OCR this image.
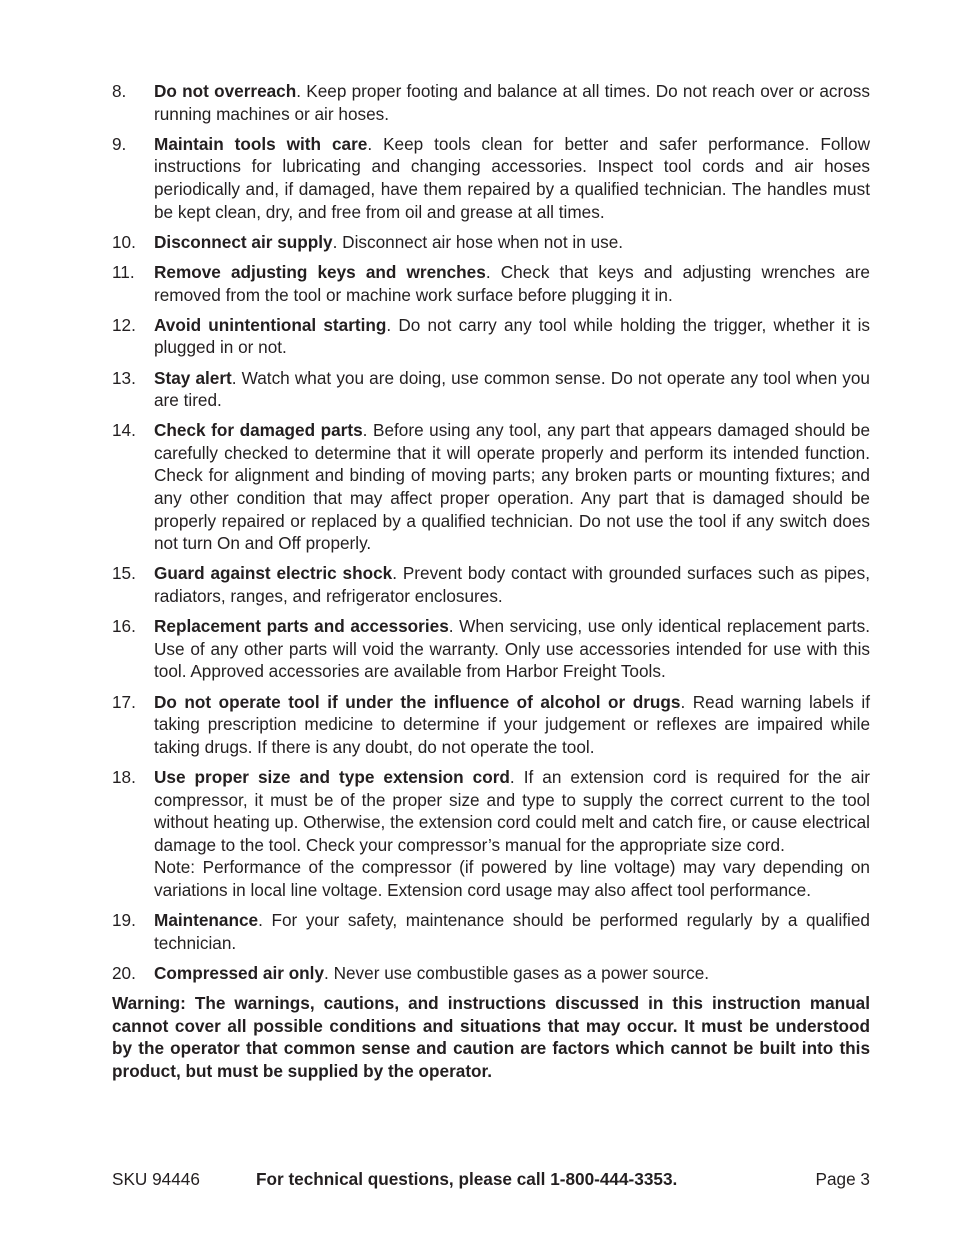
8.	Do not overreach. Keep proper footing and balance at all times. Do not reach over or across running machines or air hoses.
9.	Maintain tools with care. Keep tools clean for better and safer performance. Follow instructions for lubricating and changing accessories. Inspect tool cords and air hoses periodically and, if damaged, have them repaired by a qualified technician. The handles must be kept clean, dry, and free from oil and grease at all times.
10.	Disconnect air supply. Disconnect air hose when not in use.
11.	Remove adjusting keys and wrenches. Check that keys and adjusting wrenches are removed from the tool or machine work surface before plugging it in.
12.	Avoid unintentional starting. Do not carry any tool while holding the trigger, whether it is plugged in or not.
13.	Stay alert. Watch what you are doing, use common sense. Do not operate any tool when you are tired.
14.	Check for damaged parts. Before using any tool, any part that appears damaged should be carefully checked to determine that it will operate properly and perform its intended function. Check for alignment and binding of moving parts; any broken parts or mounting fixtures; and any other condition that may affect proper operation. Any part that is damaged should be properly repaired or replaced by a qualified technician. Do not use the tool if any switch does not turn On and Off properly.
15.	Guard against electric shock. Prevent body contact with grounded surfaces such as pipes, radiators, ranges, and refrigerator enclosures.
16.	Replacement parts and accessories. When servicing, use only identical replacement parts. Use of any other parts will void the warranty. Only use accessories intended for use with this tool. Approved accessories are available from Harbor Freight Tools.
17.	Do not operate tool if under the influence of alcohol or drugs. Read warning labels if taking prescription medicine to determine if your judgement or reflexes are impaired while taking drugs. If there is any doubt, do not operate the tool.
18.	Use proper size and type extension cord. If an extension cord is required for the air compressor, it must be of the proper size and type to supply the correct current to the tool without heating up. Otherwise, the extension cord could melt and catch fire, or cause electrical damage to the tool. Check your compressor’s manual for the appropriate size cord.
Note: Performance of the compressor (if powered by line voltage) may vary depending on variations in local line voltage. Extension cord usage may also affect tool performance.
19.	Maintenance. For your safety, maintenance should be performed regularly by a qualified technician.
20.	Compressed air only. Never use combustible gases as a power source.
Warning: The warnings, cautions, and instructions discussed in this instruction manual cannot cover all possible conditions and situations that may occur. It must be understood by the operator that common sense and caution are factors which cannot be built into this product, but must be supplied by the operator.
SKU 94446	For technical questions, please call 1-800-444-3353.	Page 3
